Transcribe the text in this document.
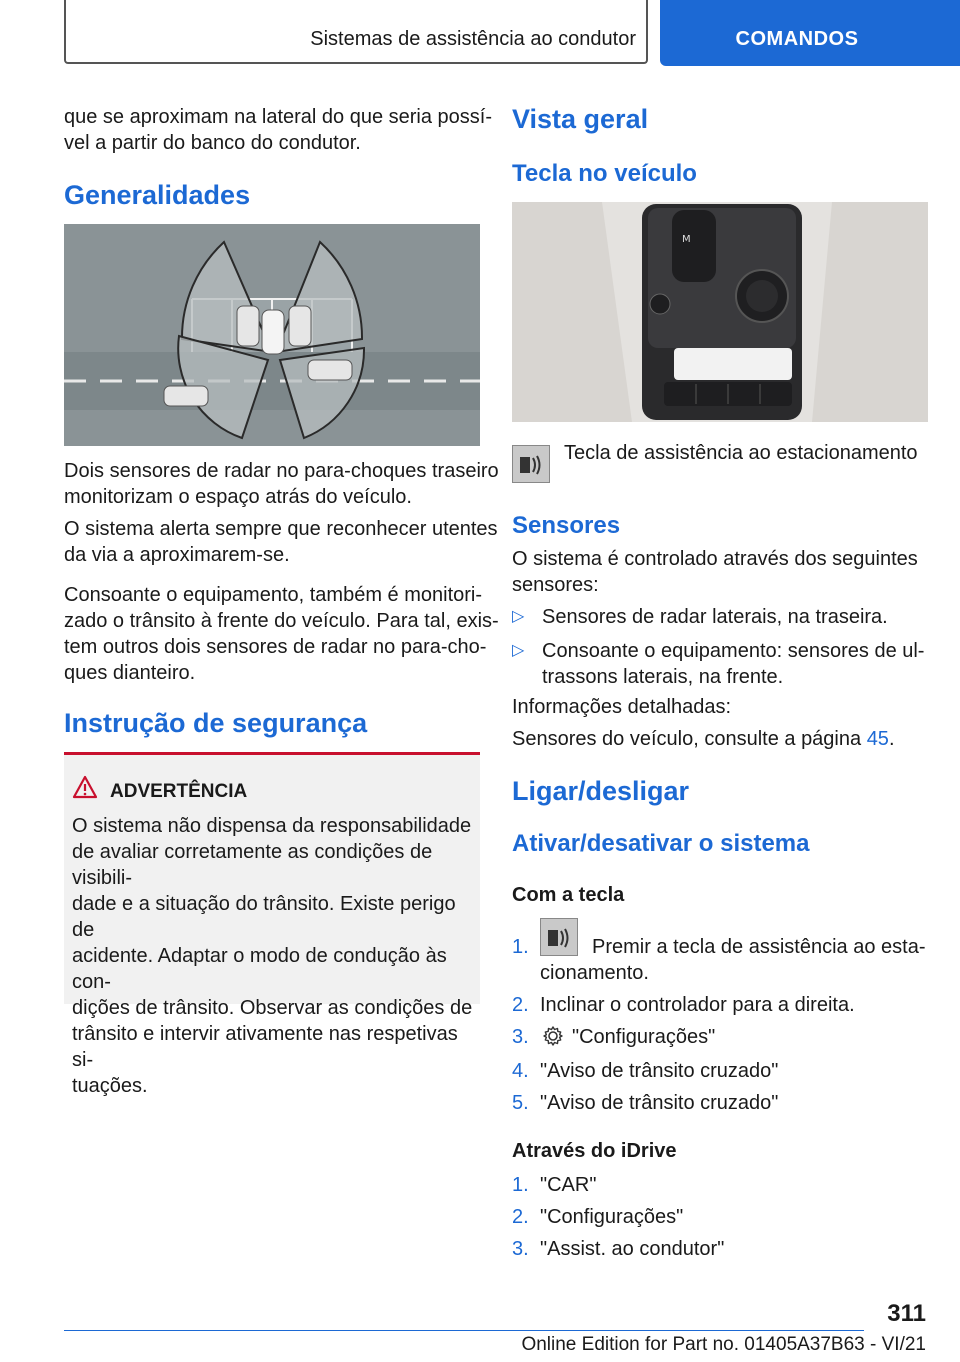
Sistemas de assistência ao condutor	COMANDOS
que se aproximam na lateral do que seria possí-
vel a partir do banco do condutor.
Generalidades
Dois sensores de radar no para-choques traseiro
monitorizam o espaço atrás do veículo.
O sistema alerta sempre que reconhecer utentes
da via a aproximarem-se.
Consoante o equipamento, também é monitori-
zado o trânsito à frente do veículo. Para tal, exis-
tem outros dois sensores de radar no para-cho-
ques dianteiro.
Instrução de segurança
ADVERTÊNCIA
O sistema não dispensa da responsabilidade
de avaliar corretamente as condições de visibili-
dade e a situação do trânsito. Existe perigo de
acidente. Adaptar o modo de condução às con-
dições de trânsito. Observar as condições de
trânsito e intervir ativamente nas respetivas si-
tuações.
Vista geral
Tecla no veículo
M
Tecla de assistência ao estacionamento
Sensores
O sistema é controlado através dos seguintes
sensores:
▷ Sensores de radar laterais, na traseira.
▷ Consoante o equipamento: sensores de ul-
trassons laterais, na frente.
Informações detalhadas:
Sensores do veículo, consulte a página 45.
Ligar/desligar
Ativar/desativar o sistema
Com a tecla
1.	Premir a tecla de assistência ao esta-
cionamento.
2. Inclinar o controlador para a direita.
3. "Configurações"
4. "Aviso de trânsito cruzado"
5. "Aviso de trânsito cruzado"
Através do iDrive
1. "CAR"
2. "Configurações"
3. "Assist. ao condutor"
311
Online Edition for Part no. 01405A37B63 - VI/21
